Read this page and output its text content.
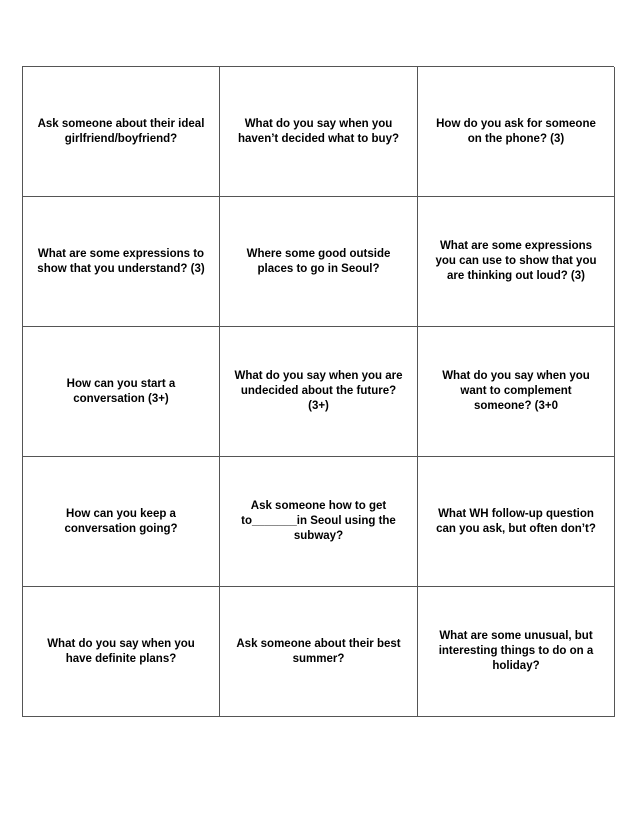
Ask someone about their ideal
girlfriend/boyfriend?
What do you say when you
haven’t decided what to buy?
How do you ask for someone
on the phone? (3)
What are some expressions to
show that you understand? (3)
Where some good outside
places to go in Seoul?
What are some expressions
you can use to show that you
are thinking out loud? (3)
How can you start a
conversation (3+)
What do you say when you are
undecided about the future?
(3+)
What do you say when you
want to complement
someone? (3+0
How can you keep a
conversation going?
Ask someone how to get
to_______in Seoul using the
subway?
What WH follow-up question
can you ask, but often don’t?
What do you say when you
have definite plans?
Ask someone about their best
summer?
What are some unusual, but
interesting things to do on a
holiday?
